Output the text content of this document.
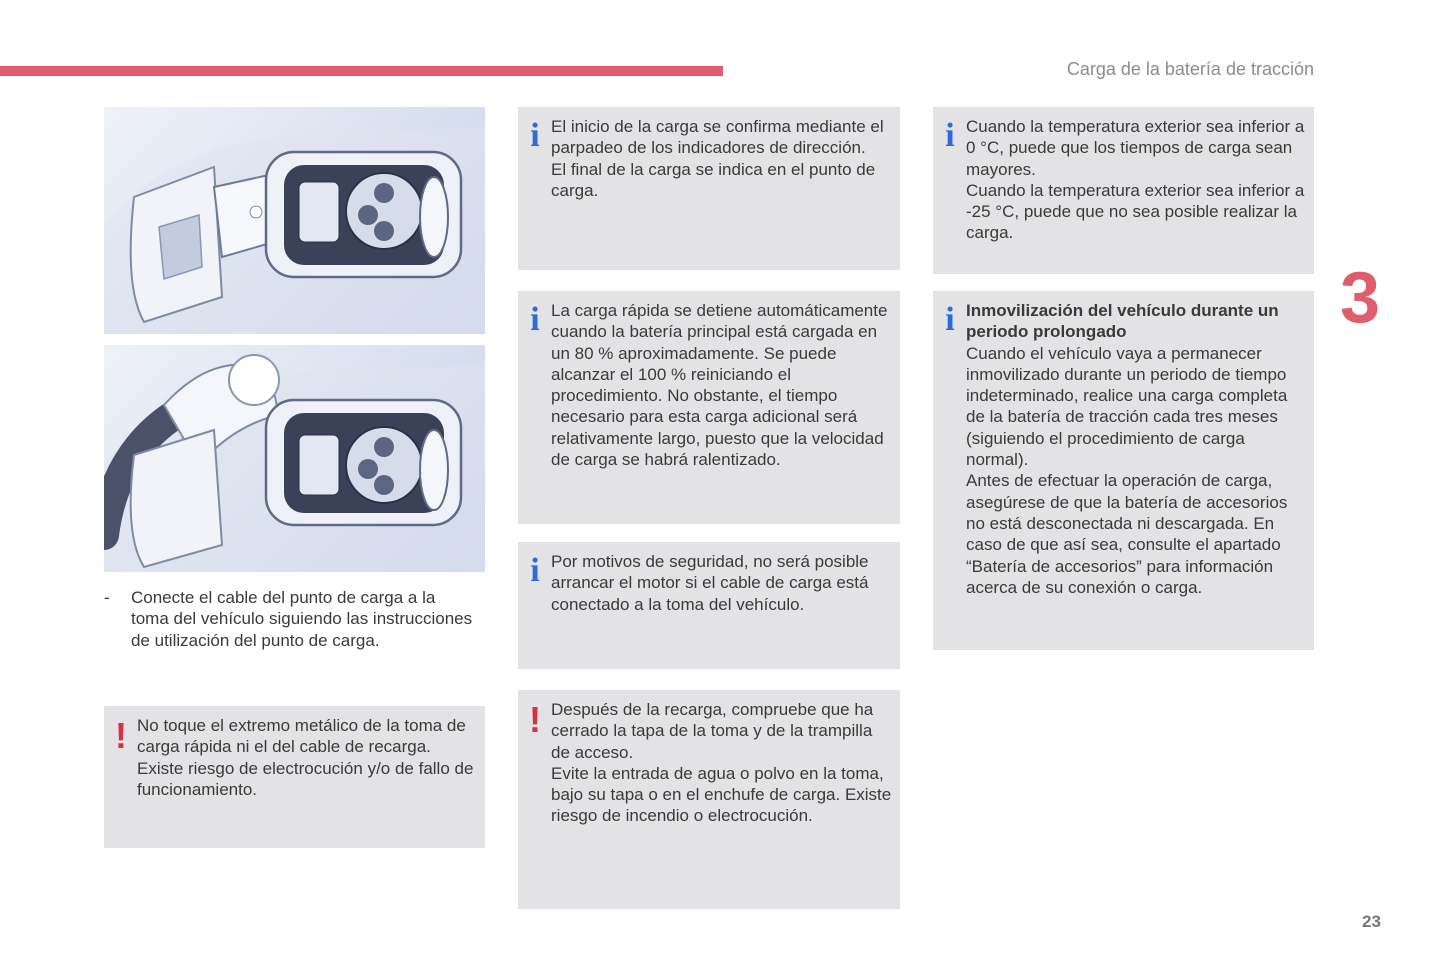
Carga de la batería de tracción
3
23
- Conecte el cable del punto de carga a la toma del vehículo siguiendo las instrucciones de utilización del punto de carga.
! No toque el extremo metálico de la toma de carga rápida ni el del cable de recarga. Existe riesgo de electrocución y/o de fallo de funcionamiento.
i El inicio de la carga se confirma mediante el parpadeo de los indicadores de dirección.

El final de la carga se indica en el punto de carga.

i La carga rápida se detiene automáticamente cuando la batería principal está cargada en un 80 % aproximadamente. Se puede alcanzar el 100 % reiniciando el procedimiento. No obstante, el tiempo necesario para esta carga adicional será relativamente largo, puesto que la velocidad de carga se habrá ralentizado.
i Por motivos de seguridad, no será posible arrancar el motor si el cable de carga está conectado a la toma del vehículo.
! Después de la recarga, compruebe que ha cerrado la tapa de la toma y de la trampilla de acceso.

Evite la entrada de agua o polvo en la toma, bajo su tapa o en el enchufe de carga. Existe riesgo de incendio o electrocución.

i Cuando la temperatura exterior sea inferior a 0 °C, puede que los tiempos de carga sean mayores.

Cuando la temperatura exterior sea inferior a -25 °C, puede que no sea posible realizar la carga.

i Inmovilización del vehículo durante un periodo prolongado

Cuando el vehículo vaya a permanecer inmovilizado durante un periodo de tiempo indeterminado, realice una carga completa de la batería de tracción cada tres meses (siguiendo el procedimiento de carga normal).

Antes de efectuar la operación de carga, asegúrese de que la batería de accesorios no está desconectada ni descargada. En caso de que así sea, consulte el apartado “Batería de accesorios” para información acerca de su conexión o carga.
